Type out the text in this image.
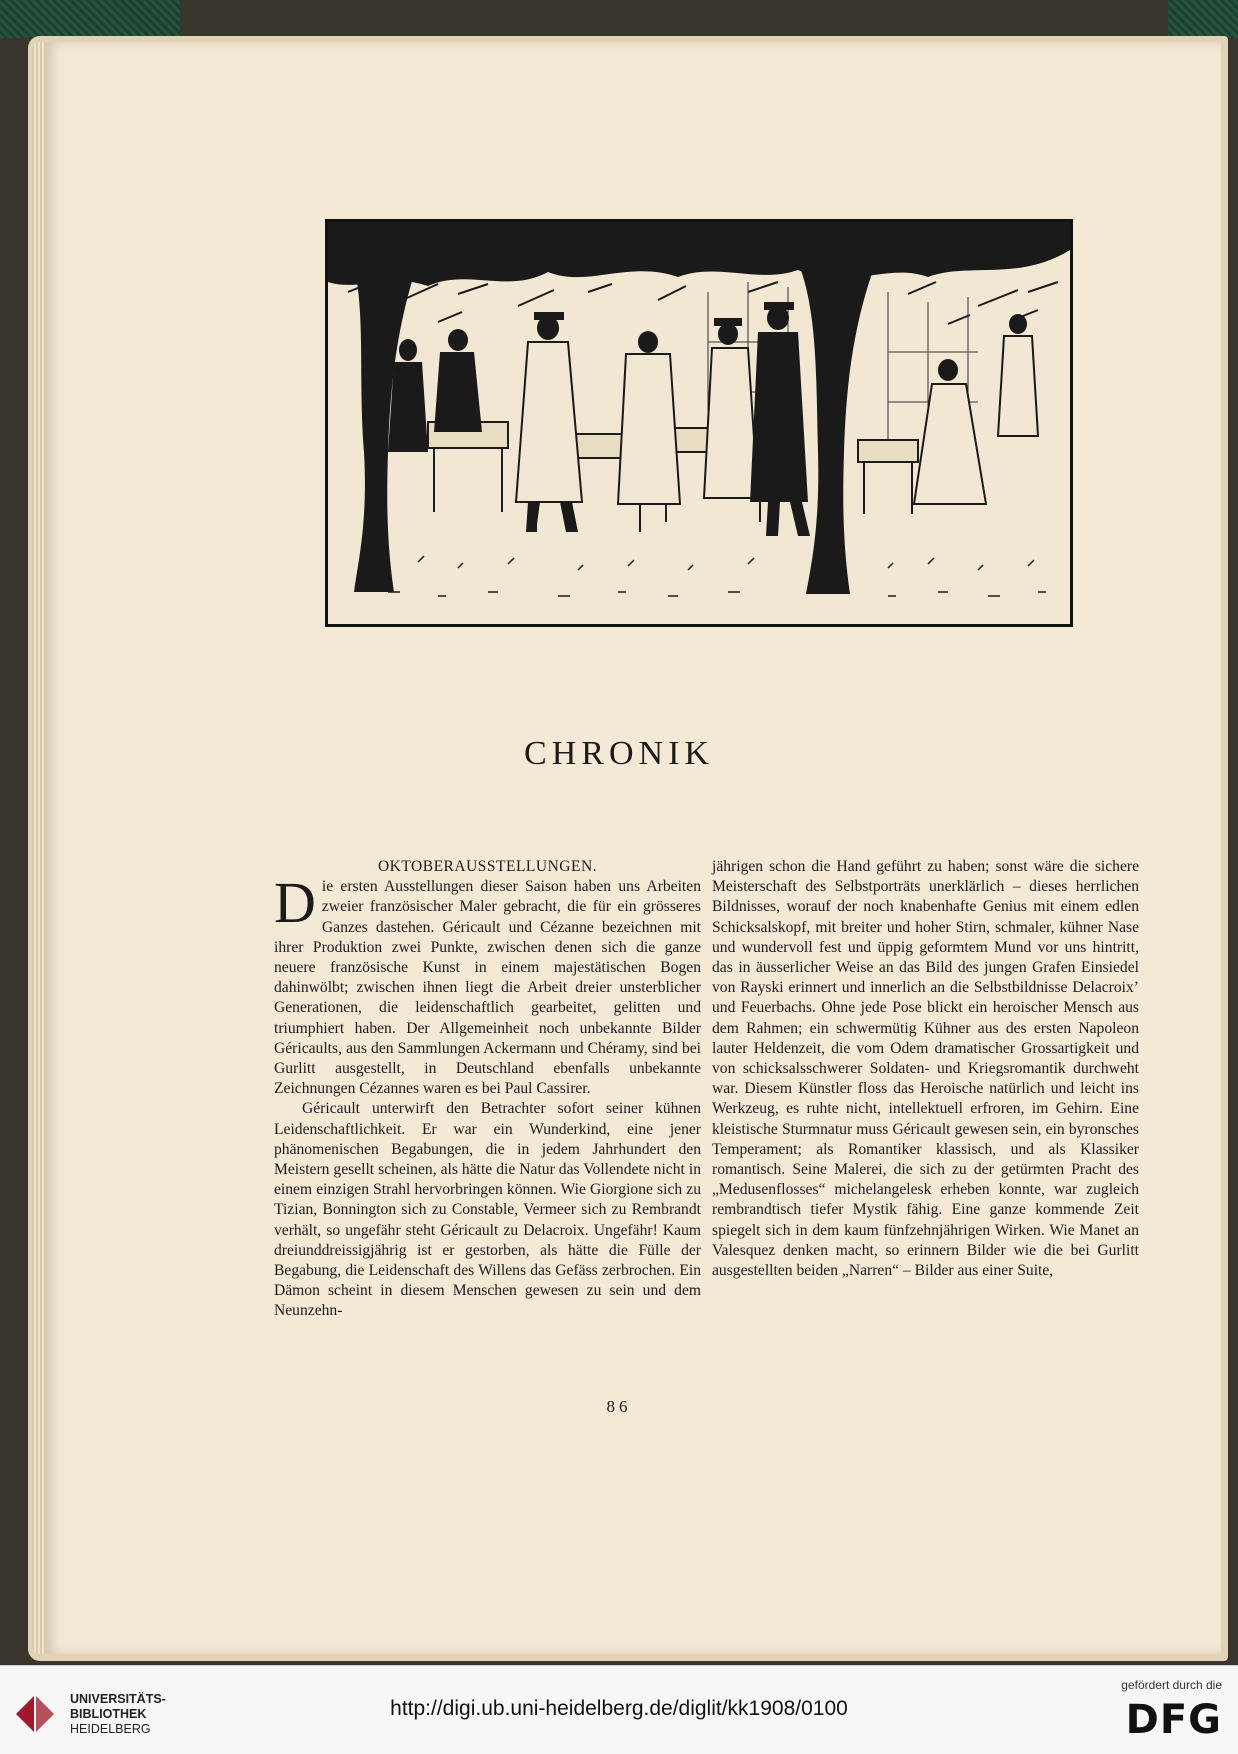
CHRONIK

OKTOBERAUSSTELLUNGEN.

Die ersten Ausstellungen dieser Saison haben uns Arbeiten zweier französischer Maler gebracht, die für ein grösseres Ganzes dastehen. Géricault und Cézanne bezeichnen mit ihrer Produktion zwei Punkte, zwischen denen sich die ganze neuere französische Kunst in einem majestätischen Bogen dahinwölbt; zwischen ihnen liegt die Arbeit dreier unsterblicher Generationen, die leidenschaftlich gearbeitet, gelitten und triumphiert haben. Der Allgemeinheit noch unbekannte Bilder Géricaults, aus den Sammlungen Ackermann und Chéramy, sind bei Gurlitt ausgestellt, in Deutschland ebenfalls unbekannte Zeichnungen Cézannes waren es bei Paul Cassirer.

Géricault unterwirft den Betrachter sofort seiner kühnen Leidenschaftlichkeit. Er war ein Wunderkind, eine jener phänomenischen Begabungen, die in jedem Jahrhundert den Meistern gesellt scheinen, als hätte die Natur das Vollendete nicht in einem einzigen Strahl hervorbringen können. Wie Giorgione sich zu Tizian, Bonnington sich zu Constable, Vermeer sich zu Rembrandt verhält, so ungefähr steht Géricault zu Delacroix. Ungefähr! Kaum dreiunddreissigjährig ist er gestorben, als hätte die Fülle der Begabung, die Leidenschaft des Willens das Gefäss zerbrochen. Ein Dämon scheint in diesem Menschen gewesen zu sein und dem Neunzehn-

jährigen schon die Hand geführt zu haben; sonst wäre die sichere Meisterschaft des Selbstporträts unerklärlich – dieses herrlichen Bildnisses, worauf der noch knabenhafte Genius mit einem edlen Schicksalskopf, mit breiter und hoher Stirn, schmaler, kühner Nase und wundervoll fest und üppig geformtem Mund vor uns hintritt, das in äusserlicher Weise an das Bild des jungen Grafen Einsiedel von Rayski erinnert und innerlich an die Selbstbildnisse Delacroix’ und Feuerbachs. Ohne jede Pose blickt ein heroischer Mensch aus dem Rahmen; ein schwermütig Kühner aus des ersten Napoleon lauter Heldenzeit, die vom Odem dramatischer Grossartigkeit und von schicksalsschwerer Soldaten- und Kriegsromantik durchweht war. Diesem Künstler floss das Heroische natürlich und leicht ins Werkzeug, es ruhte nicht, intellektuell erfroren, im Gehirn. Eine kleistische Sturmnatur muss Géricault gewesen sein, ein byronsches Temperament; als Romantiker klassisch, und als Klassiker romantisch. Seine Malerei, die sich zu der getürmten Pracht des „Medusenflosses“ michelangelesk erheben konnte, war zugleich rembrandtisch tiefer Mystik fähig. Eine ganze kommende Zeit spiegelt sich in dem kaum fünfzehnjährigen Wirken. Wie Manet an Valesquez denken macht, so erinnern Bilder wie die bei Gurlitt ausgestellten beiden „Narren“ – Bilder aus einer Suite,

86
UNIVERSITÄTS-
BIBLIOTHEK
HEIDELBERG
http://digi.ub.uni-heidelberg.de/diglit/kk1908/0100
gefördert durch die
DFG
